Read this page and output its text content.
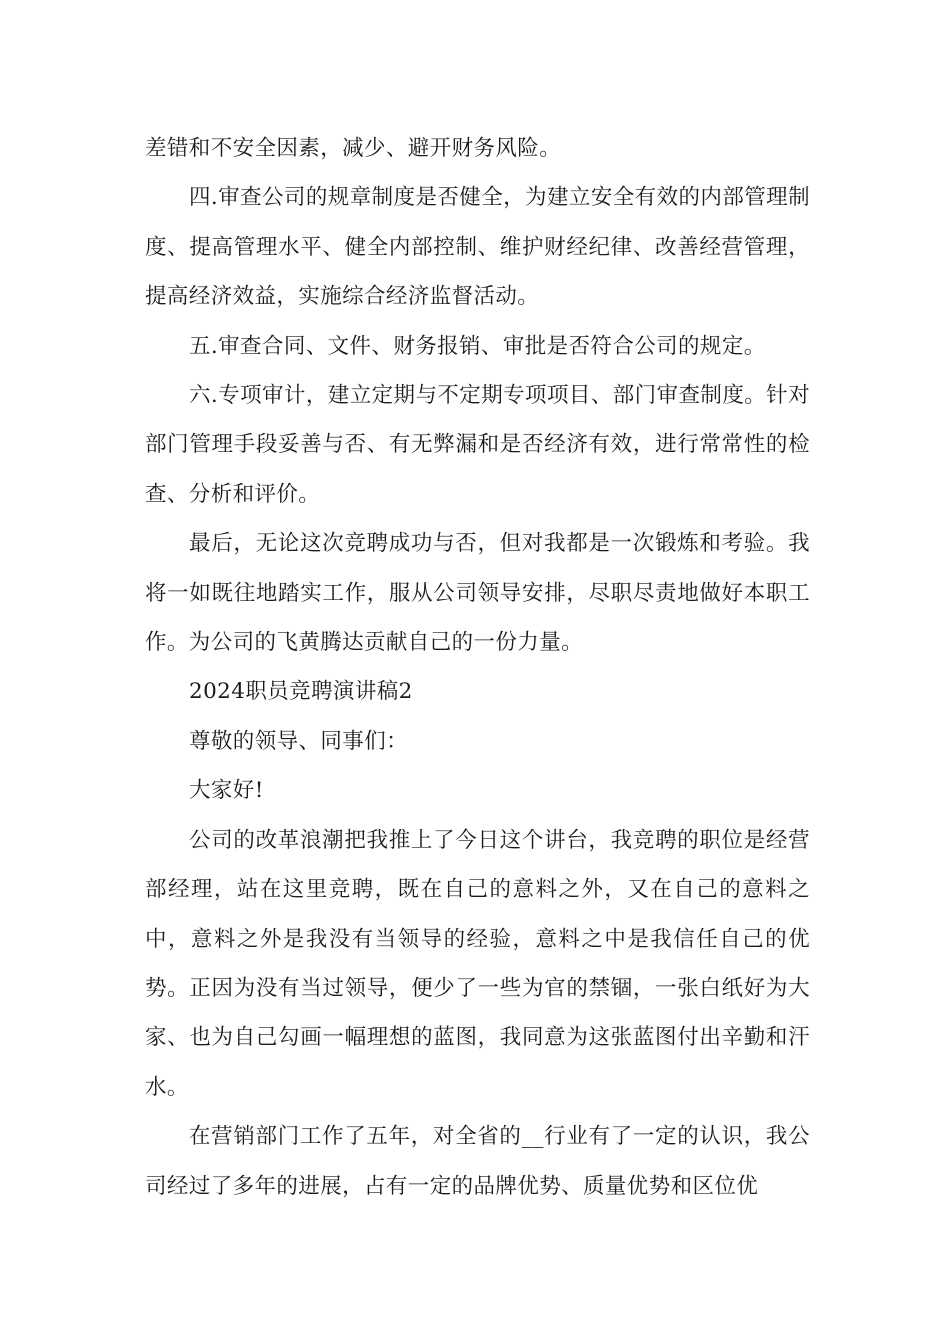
差错和不安全因素，减少、避开财务风险。

四.审查公司的规章制度是否健全，为建立安全有效的内部管理制度、提高管理水平、健全内部控制、维护财经纪律、改善经营管理，提高经济效益，实施综合经济监督活动。

五.审查合同、文件、财务报销、审批是否符合公司的规定。

六.专项审计，建立定期与不定期专项项目、部门审查制度。针对部门管理手段妥善与否、有无弊漏和是否经济有效，进行常常性的检查、分析和评价。

最后，无论这次竞聘成功与否，但对我都是一次锻炼和考验。我将一如既往地踏实工作，服从公司领导安排，尽职尽责地做好本职工作。为公司的飞黄腾达贡献自己的一份力量。

2024职员竞聘演讲稿2

尊敬的领导、同事们：

大家好!

公司的改革浪潮把我推上了今日这个讲台，我竞聘的职位是经营部经理，站在这里竞聘，既在自己的意料之外，又在自己的意料之中，意料之外是我没有当领导的经验，意料之中是我信任自己的优势。正因为没有当过领导，便少了一些为官的禁锢，一张白纸好为大家、也为自己勾画一幅理想的蓝图，我同意为这张蓝图付出辛勤和汗水。

在营销部门工作了五年，对全省的__行业有了一定的认识，我公司经过了多年的进展，占有一定的品牌优势、质量优势和区位优
